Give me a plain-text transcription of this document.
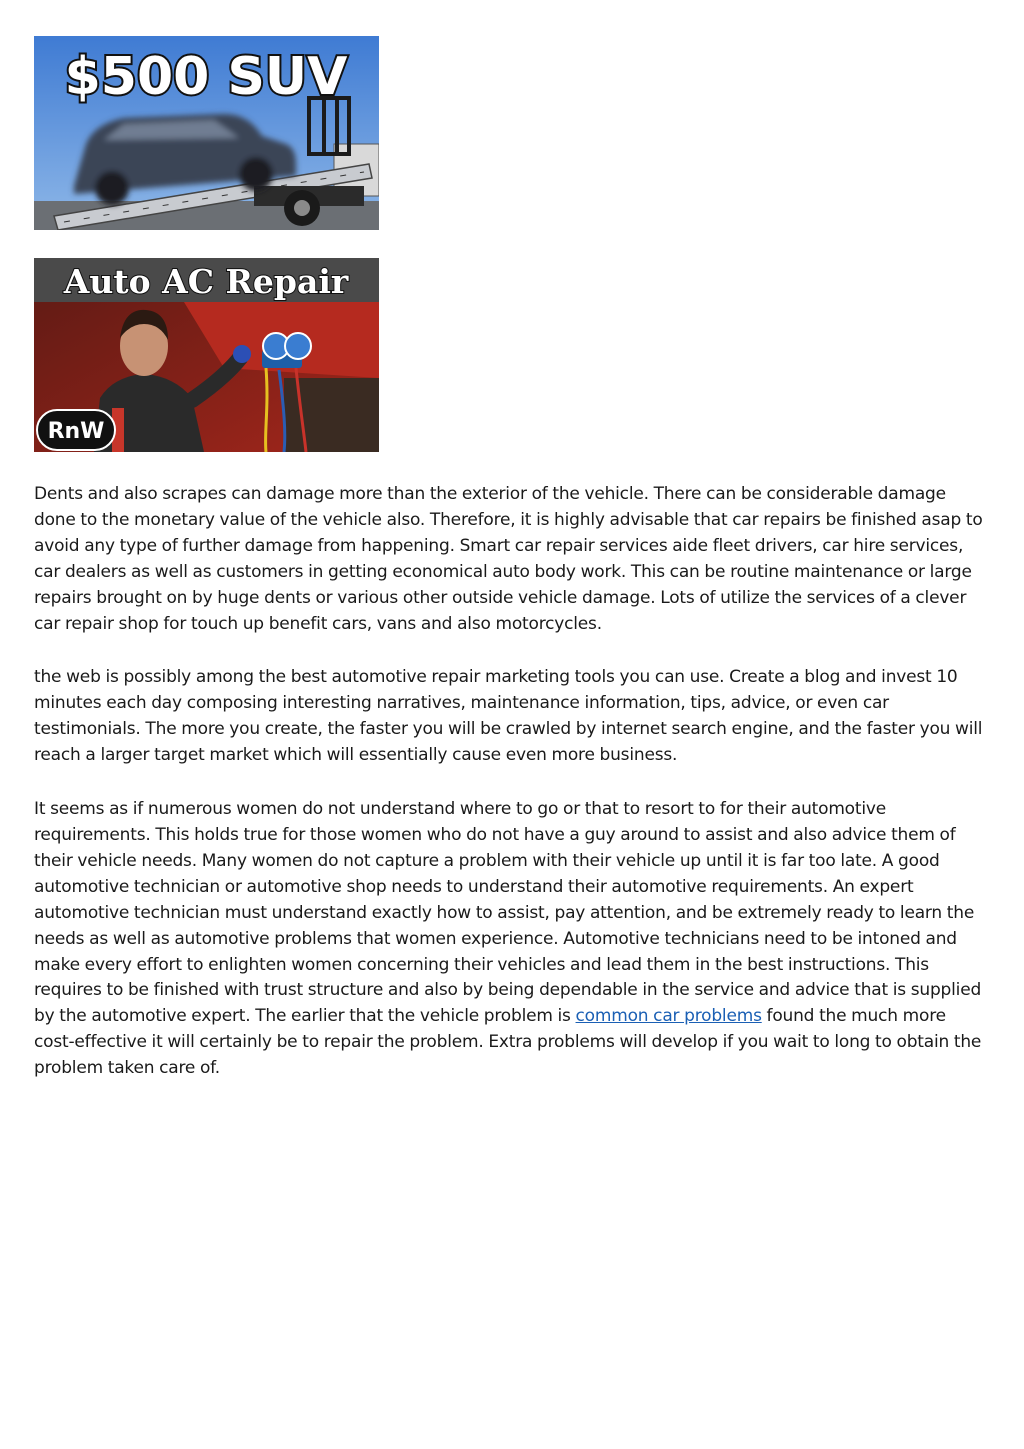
$500 SUV
Auto AC Repair
RnW

Dents and also scrapes can damage more than the exterior of the vehicle. There can be considerable damage done to the monetary value of the vehicle also. Therefore, it is highly advisable that car repairs be finished asap to avoid any type of further damage from happening. Smart car repair services aide fleet drivers, car hire services, car dealers as well as customers in getting economical auto body work. This can be routine maintenance or large repairs brought on by huge dents or various other outside vehicle damage. Lots of utilize the services of a clever car repair shop for touch up benefit cars, vans and also motorcycles.

the web is possibly among the best automotive repair marketing tools you can use. Create a blog and invest 10 minutes each day composing interesting narratives, maintenance information, tips, advice, or even car testimonials. The more you create, the faster you will be crawled by internet search engine, and the faster you will reach a larger target market which will essentially cause even more business.

It seems as if numerous women do not understand where to go or that to resort to for their automotive requirements. This holds true for those women who do not have a guy around to assist and also advice them of their vehicle needs. Many women do not capture a problem with their vehicle up until it is far too late. A good automotive technician or automotive shop needs to understand their automotive requirements. An expert automotive technician must understand exactly how to assist, pay attention, and be extremely ready to learn the needs as well as automotive problems that women experience. Automotive technicians need to be intoned and make every effort to enlighten women concerning their vehicles and lead them in the best instructions. This requires to be finished with trust structure and also by being dependable in the service and advice that is supplied by the automotive expert. The earlier that the vehicle problem is common car problems found the much more cost-effective it will certainly be to repair the problem. Extra problems will develop if you wait to long to obtain the problem taken care of.
